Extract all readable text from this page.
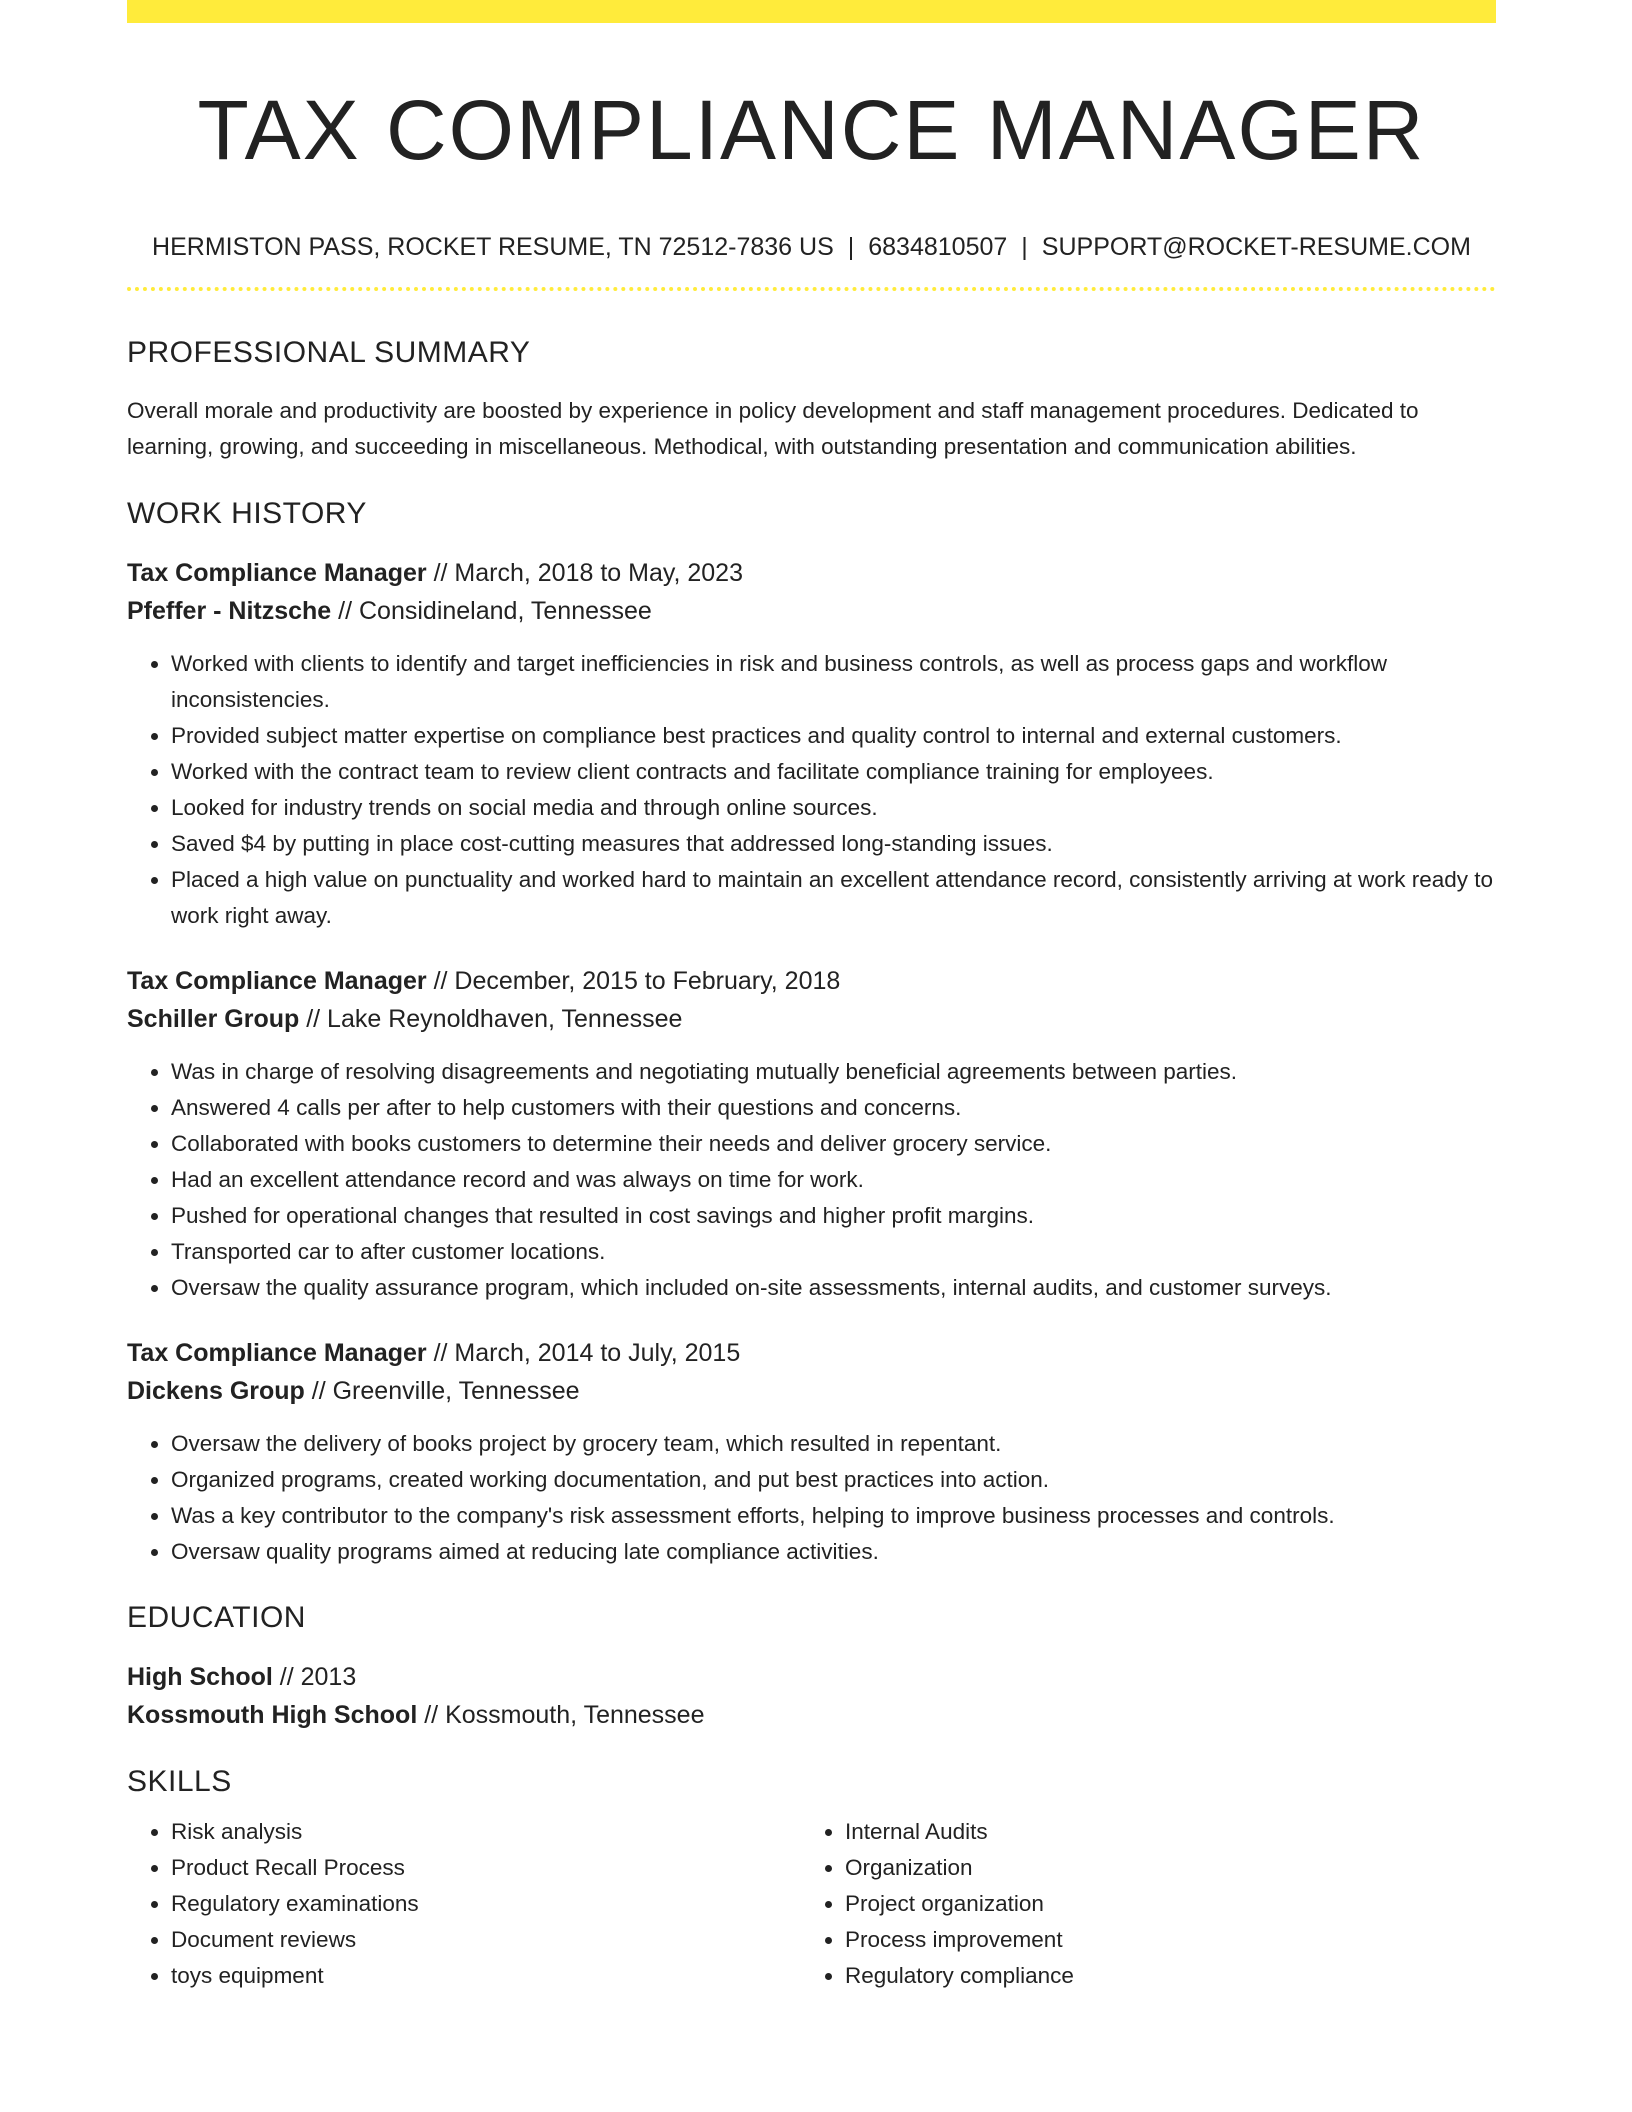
TAX COMPLIANCE MANAGER
HERMISTON PASS, ROCKET RESUME, TN 72512-7836 US | 6834810507 | SUPPORT@ROCKET-RESUME.COM
PROFESSIONAL SUMMARY

Overall morale and productivity are boosted by experience in policy development and staff management procedures. Dedicated to learning, growing, and succeeding in miscellaneous. Methodical, with outstanding presentation and communication abilities.

WORK HISTORY
Tax Compliance Manager // March, 2018 to May, 2023
Pfeffer - Nitzsche // Considineland, Tennessee
• Worked with clients to identify and target inefficiencies in risk and business controls, as well as process gaps and workflow inconsistencies.
• Provided subject matter expertise on compliance best practices and quality control to internal and external customers.
• Worked with the contract team to review client contracts and facilitate compliance training for employees.
• Looked for industry trends on social media and through online sources.
• Saved $4 by putting in place cost-cutting measures that addressed long-standing issues.
• Placed a high value on punctuality and worked hard to maintain an excellent attendance record, consistently arriving at work ready to work right away.
Tax Compliance Manager // December, 2015 to February, 2018
Schiller Group // Lake Reynoldhaven, Tennessee
• Was in charge of resolving disagreements and negotiating mutually beneficial agreements between parties.
• Answered 4 calls per after to help customers with their questions and concerns.
• Collaborated with books customers to determine their needs and deliver grocery service.
• Had an excellent attendance record and was always on time for work.
• Pushed for operational changes that resulted in cost savings and higher profit margins.
• Transported car to after customer locations.
• Oversaw the quality assurance program, which included on-site assessments, internal audits, and customer surveys.
Tax Compliance Manager // March, 2014 to July, 2015
Dickens Group // Greenville, Tennessee
• Oversaw the delivery of books project by grocery team, which resulted in repentant.
• Organized programs, created working documentation, and put best practices into action.
• Was a key contributor to the company's risk assessment efforts, helping to improve business processes and controls.
• Oversaw quality programs aimed at reducing late compliance activities.
EDUCATION
High School // 2013
Kossmouth High School // Kossmouth, Tennessee
SKILLS
• Risk analysis
• Product Recall Process
• Regulatory examinations
• Document reviews
• toys equipment
• Internal Audits
• Organization
• Project organization
• Process improvement
• Regulatory compliance
